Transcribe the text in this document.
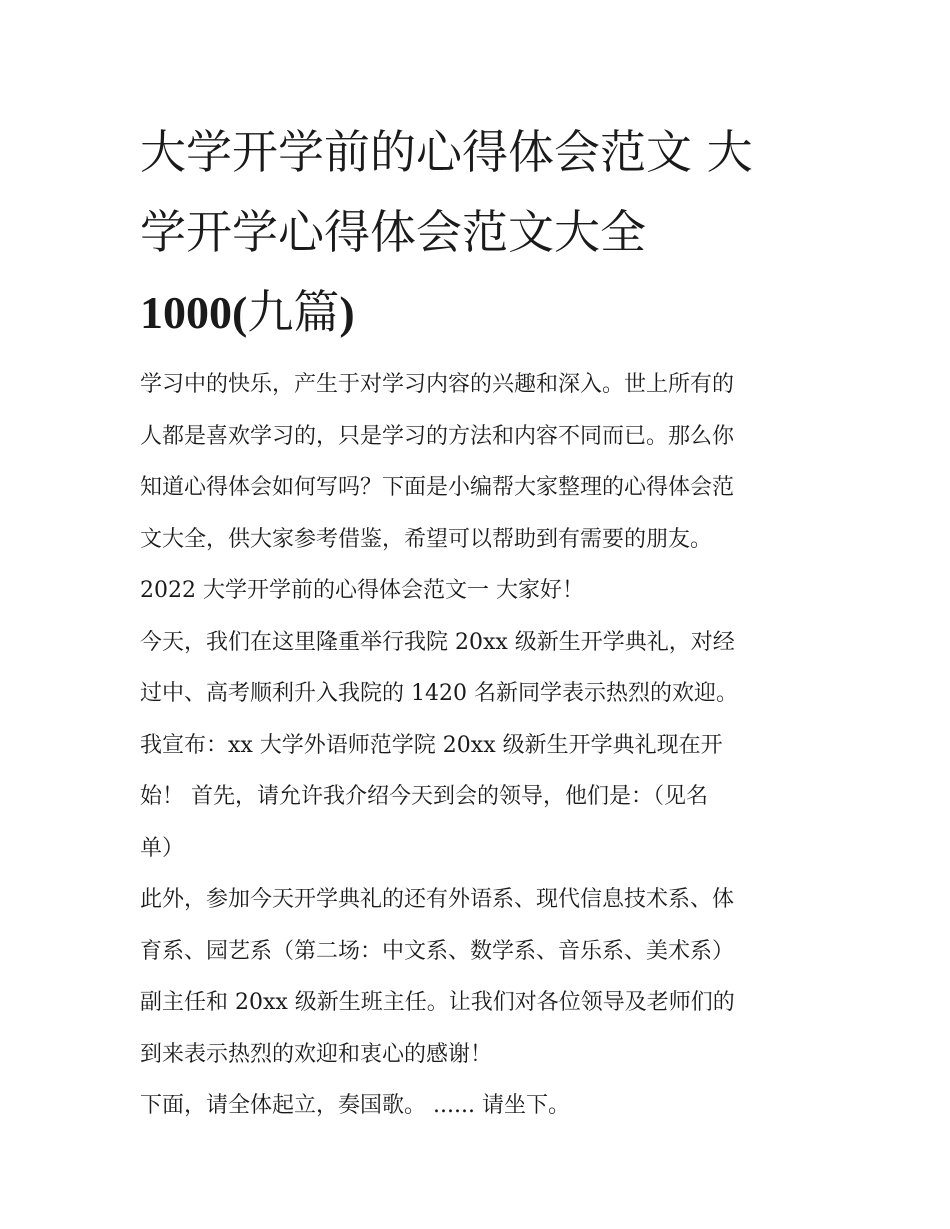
大学开学前的心得体会范文 大
学开学心得体会范文大全
1000(九篇)

学习中的快乐，产生于对学习内容的兴趣和深入。世上所有的
人都是喜欢学习的，只是学习的方法和内容不同而已。那么你
知道心得体会如何写吗？下面是小编帮大家整理的心得体会范
文大全，供大家参考借鉴，希望可以帮助到有需要的朋友。

2022 大学开学前的心得体会范文一 大家好！

今天，我们在这里隆重举行我院 20xx 级新生开学典礼，对经
过中、高考顺利升入我院的 1420 名新同学表示热烈的欢迎。

我宣布：xx 大学外语师范学院 20xx 级新生开学典礼现在开
始！ 首先，请允许我介绍今天到会的领导，他们是：（见名
单）

此外，参加今天开学典礼的还有外语系、现代信息技术系、体
育系、园艺系（第二场：中文系、数学系、音乐系、美术系）
副主任和 20xx 级新生班主任。让我们对各位领导及老师们的
到来表示热烈的欢迎和衷心的感谢！

下面，请全体起立，奏国歌。 ...... 请坐下。
